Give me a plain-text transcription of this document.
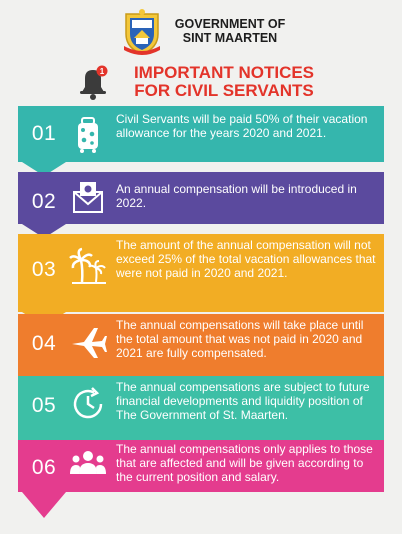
GOVERNMENT OF
SINT MAARTEN
1	IMPORTANT NOTICES
FOR CIVIL SERVANTS
01
Civil Servants will be paid 50% of their vacation allowance for the years 2020 and 2021.
02
An annual compensation will be introduced in 2022.
03
The amount of the annual compensation will not exceed 25% of the total vacation allowances that were not paid in 2020 and 2021.
04
The annual compensations will take place until the total amount that was not paid in 2020 and 2021 are fully compensated.
05
The annual compensations are subject to future financial developments and liquidity position of The Government of St. Maarten.
06
The annual compensations only applies to those that are affected and will be given according to the current position and salary.
